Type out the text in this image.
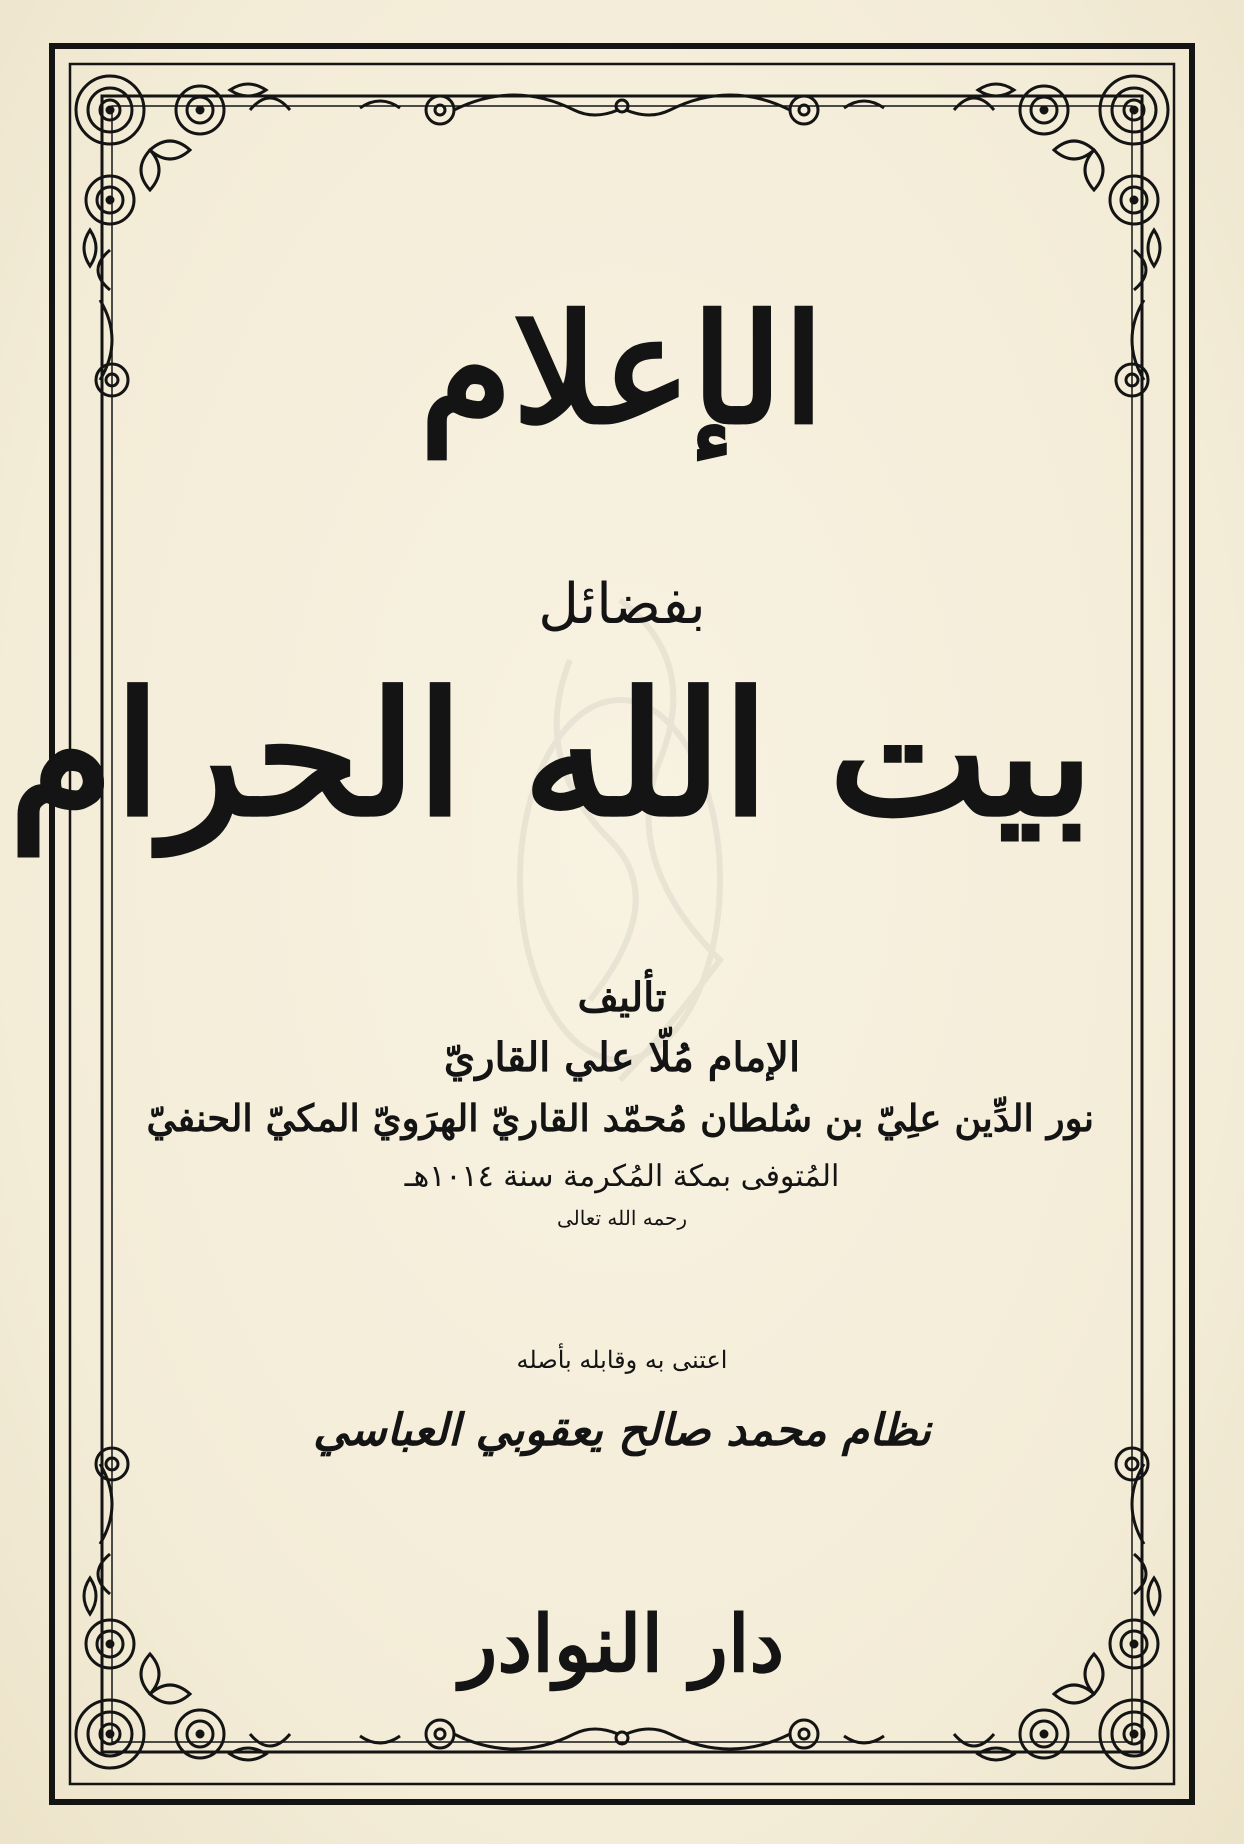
الإعلام
بفضائل
بيت الله الحرام
تأليف
الإمام مُلّا علي القاريّ
نور الدِّين علِيّ بن سُلطان مُحمّد القاريّ الهرَويّ المكيّ الحنفيّ
المُتوفى بمكة المُكرمة سنة ١٠١٤هـ
رحمه الله تعالى
اعتنى به وقابله بأصله
نظام محمد صالح يعقوبي العباسي
دار النوادر
